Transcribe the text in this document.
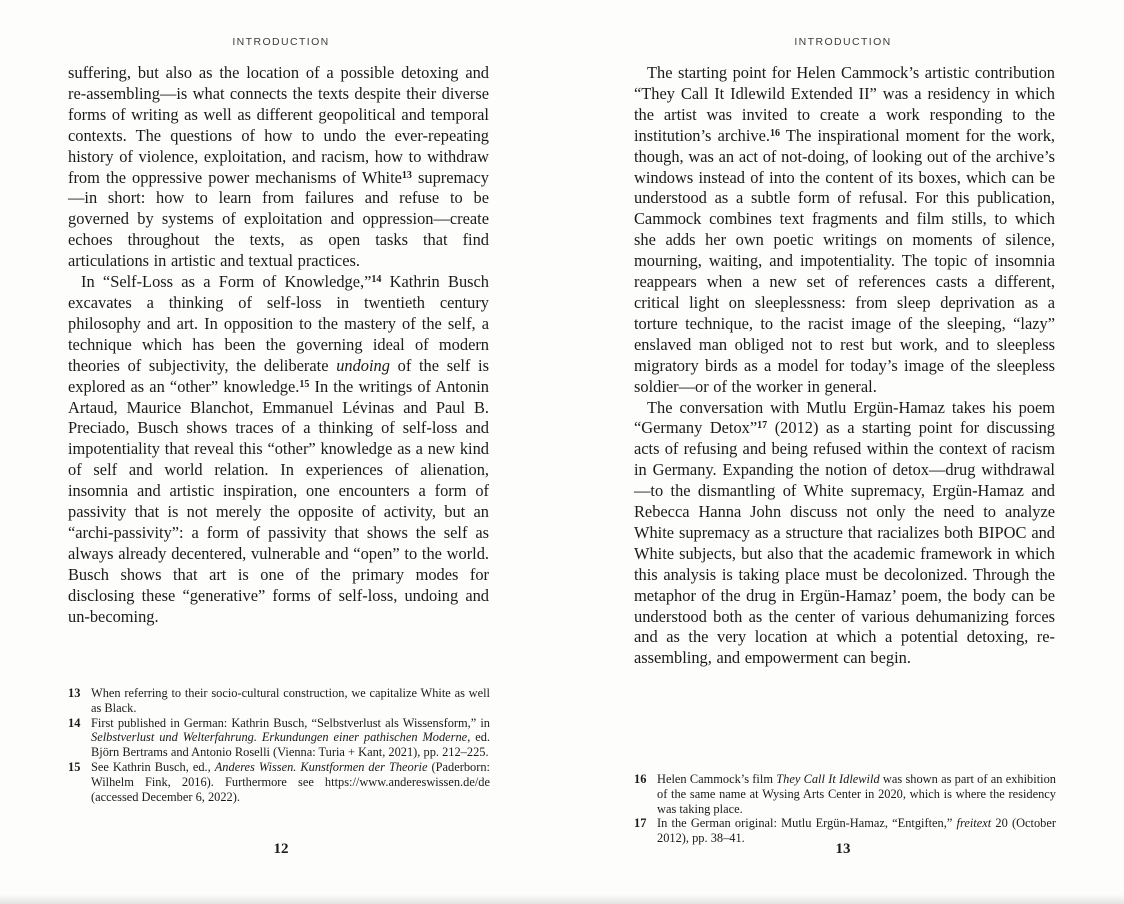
INTRODUCTION

suffering, but also as the location of a possible detoxing and re-assembling—is what connects the texts despite their diverse forms of writing as well as different geopolitical and temporal contexts. The questions of how to undo the ever-repeating history of violence, exploitation, and racism, how to withdraw from the oppressive power mechanisms of White$^{13}$ supremacy—in short: how to learn from failures and refuse to be governed by systems of exploitation and oppression—create echoes throughout the texts, as open tasks that find articulations in artistic and textual practices.

In “Self-Loss as a Form of Knowledge,”$^{14}$ Kathrin Busch excavates a thinking of self-loss in twentieth century philosophy and art. In opposition to the mastery of the self, a technique which has been the governing ideal of modern theories of subjectivity, the deliberate undoing of the self is explored as an “other” knowledge.$^{15}$ In the writings of Antonin Artaud, Maurice Blanchot, Emmanuel Lévinas and Paul B. Preciado, Busch shows traces of a thinking of self-loss and impotentiality that reveal this “other” knowledge as a new kind of self and world relation. In experiences of alienation, insomnia and artistic inspiration, one encounters a form of passivity that is not merely the opposite of activity, but an “archi-passivity”: a form of passivity that shows the self as always already decentered, vulnerable and “open” to the world. Busch shows that art is one of the primary modes for disclosing these “generative” forms of self-loss, undoing and un-becoming.

13 When referring to their socio-cultural construction, we capitalize White as well as Black.
14 First published in German: Kathrin Busch, “Selbstverlust als Wissensform,” in Selbstverlust und Welterfahrung. Erkundungen einer pathischen Moderne, ed. Björn Bertrams and Antonio Roselli (Vienna: Turia + Kant, 2021), pp. 212–225.
15 See Kathrin Busch, ed., Anderes Wissen. Kunstformen der Theorie (Paderborn: Wilhelm Fink, 2016). Furthermore see https://www.andereswissen.de/de (accessed December 6, 2022).
12
INTRODUCTION

The starting point for Helen Cammock’s artistic contribution “They Call It Idlewild Extended II” was a residency in which the artist was invited to create a work responding to the institution’s archive.$^{16}$ The inspirational moment for the work, though, was an act of not-doing, of looking out of the archive’s windows instead of into the content of its boxes, which can be understood as a subtle form of refusal. For this publication, Cammock combines text fragments and film stills, to which she adds her own poetic writings on moments of silence, mourning, waiting, and impotentiality. The topic of insomnia reappears when a new set of references casts a different, critical light on sleeplessness: from sleep deprivation as a torture technique, to the racist image of the sleeping, “lazy” enslaved man obliged not to rest but work, and to sleepless migratory birds as a model for today’s image of the sleepless soldier—or of the worker in general.

The conversation with Mutlu Ergün-Hamaz takes his poem “Germany Detox”$^{17}$ (2012) as a starting point for discussing acts of refusing and being refused within the context of racism in Germany. Expanding the notion of detox—drug withdrawal—to the dismantling of White supremacy, Ergün-Hamaz and Rebecca Hanna John discuss not only the need to analyze White supremacy as a structure that racializes both BIPOC and White subjects, but also that the academic framework in which this analysis is taking place must be decolonized. Through the metaphor of the drug in Ergün-Hamaz’ poem, the body can be understood both as the center of various dehumanizing forces and as the very location at which a potential detoxing, re-assembling, and empowerment can begin.

16 Helen Cammock’s film They Call It Idlewild was shown as part of an exhibition of the same name at Wysing Arts Center in 2020, which is where the residency was taking place.
17 In the German original: Mutlu Ergün-Hamaz, “Entgiften,” freitext 20 (October 2012), pp. 38–41.
13
